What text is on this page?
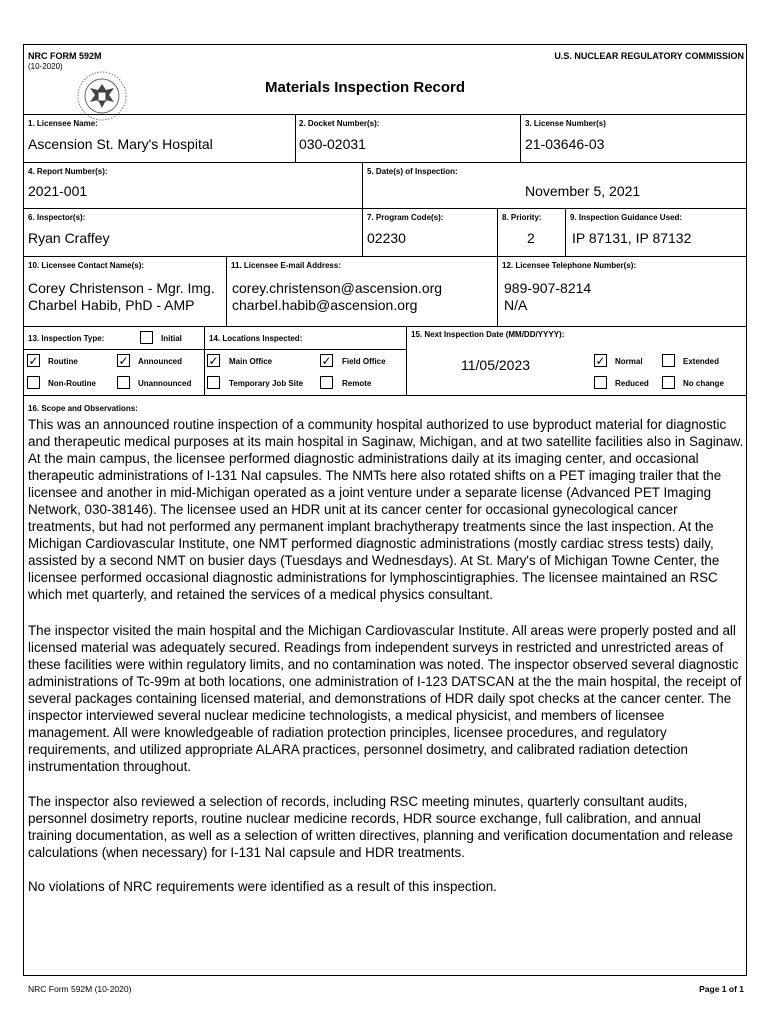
NRC FORM 592M
(10-2020)
U.S. NUCLEAR REGULATORY COMMISSION
Materials Inspection Record
1. Licensee Name:
Ascension St. Mary's Hospital
2. Docket Number(s):
030-02031
3. License Number(s)
21-03646-03
4. Report Number(s):
2021-001
5. Date(s) of Inspection:
November 5, 2021
6. Inspector(s):
Ryan Craffey
7. Program Code(s):
02230
8. Priority:
2
9. Inspection Guidance Used:
IP 87131, IP 87132
10. Licensee Contact Name(s):
Corey Christenson - Mgr. Img.
Charbel Habib, PhD - AMP
11. Licensee E-mail Address:
corey.christenson@ascension.org
charbel.habib@ascension.org
12. Licensee Telephone Number(s):
989-907-8214
N/A
13. Inspection Type:	Initial
✓ Routine	✓ Announced
Non-Routine	Unannounced
14. Locations Inspected:
✓ Main Office	✓ Field Office
Temporary Job Site	Remote
15. Next Inspection Date (MM/DD/YYYY):
11/05/2023	✓ Normal	Extended
Reduced	No change
16. Scope and Observations:
This was an announced routine inspection of a community hospital authorized to use byproduct material for diagnostic and therapeutic medical purposes at its main hospital in Saginaw, Michigan, and at two satellite facilities also in Saginaw. At the main campus, the licensee performed diagnostic administrations daily at its imaging center, and occasional therapeutic administrations of I-131 NaI capsules. The NMTs here also rotated shifts on a PET imaging trailer that the licensee and another in mid-Michigan operated as a joint venture under a separate license (Advanced PET Imaging Network, 030-38146). The licensee used an HDR unit at its cancer center for occasional gynecological cancer treatments, but had not performed any permanent implant brachytherapy treatments since the last inspection. At the Michigan Cardiovascular Institute, one NMT performed diagnostic administrations (mostly cardiac stress tests) daily, assisted by a second NMT on busier days (Tuesdays and Wednesdays). At St. Mary's of Michigan Towne Center, the licensee performed occasional diagnostic administrations for lymphoscintigraphies. The licensee maintained an RSC which met quarterly, and retained the services of a medical physics consultant.
The inspector visited the main hospital and the Michigan Cardiovascular Institute. All areas were properly posted and all licensed material was adequately secured. Readings from independent surveys in restricted and unrestricted areas of these facilities were within regulatory limits, and no contamination was noted. The inspector observed several diagnostic administrations of Tc-99m at both locations, one administration of I-123 DATSCAN at the the main hospital, the receipt of several packages containing licensed material, and demonstrations of HDR daily spot checks at the cancer center. The inspector interviewed several nuclear medicine technologists, a medical physicist, and members of licensee management. All were knowledgeable of radiation protection principles, licensee procedures, and regulatory requirements, and utilized appropriate ALARA practices, personnel dosimetry, and calibrated radiation detection instrumentation throughout.
The inspector also reviewed a selection of records, including RSC meeting minutes, quarterly consultant audits, personnel dosimetry reports, routine nuclear medicine records, HDR source exchange, full calibration, and annual training documentation, as well as a selection of written directives, planning and verification documentation and release calculations (when necessary) for I-131 NaI capsule and HDR treatments.
No violations of NRC requirements were identified as a result of this inspection.
NRC Form 592M (10-2020)	Page 1 of 1
